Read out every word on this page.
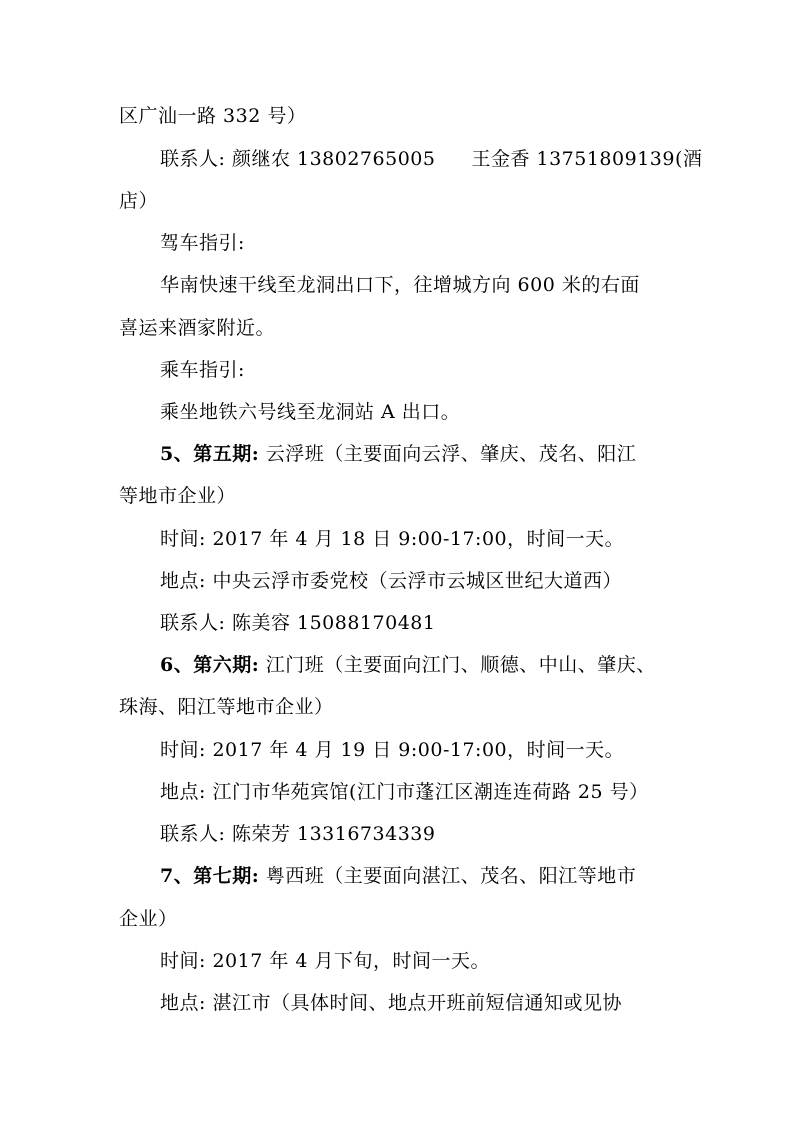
区广汕一路 332 号）
联系人: 颜继农 13802765005 王金香 13751809139(酒
店）
驾车指引:
华南快速干线至龙洞出口下，往增城方向 600 米的右面
喜运来酒家附近。
乘车指引:
乘坐地铁六号线至龙洞站 A 出口。
5、第五期: 云浮班（主要面向云浮、肇庆、茂名、阳江
等地市企业）
时间: 2017 年 4 月 18 日 9:00-17:00，时间一天。
地点: 中央云浮市委党校（云浮市云城区世纪大道西）
联系人: 陈美容 15088170481
6、第六期: 江门班（主要面向江门、顺德、中山、肇庆、
珠海、阳江等地市企业）
时间: 2017 年 4 月 19 日 9:00-17:00，时间一天。
地点: 江门市华苑宾馆(江门市蓬江区潮连连荷路 25 号）
联系人: 陈荣芳 13316734339
7、第七期: 粤西班（主要面向湛江、茂名、阳江等地市
企业）
时间: 2017 年 4 月下旬，时间一天。
地点: 湛江市（具体时间、地点开班前短信通知或见协
